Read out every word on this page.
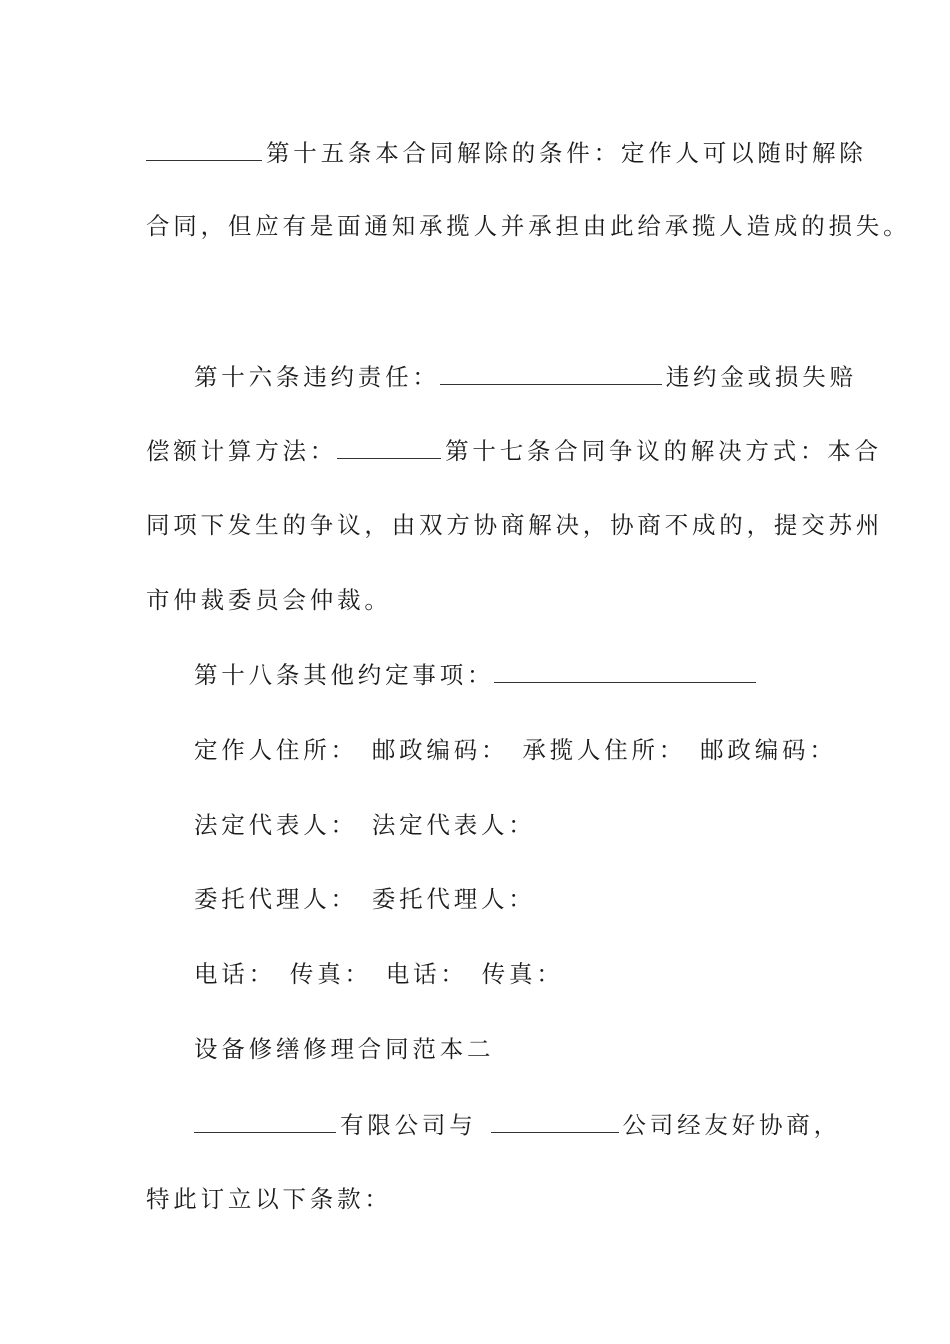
第十五条本合同解除的条件：定作人可以随时解除
合同，但应有是面通知承揽人并承担由此给承揽人造成的损失。
第十六条违约责任：	违约金或损失赔
偿额计算方法：	第十七条合同争议的解决方式：本合
同项下发生的争议，由双方协商解决，协商不成的，提交苏州
市仲裁委员会仲裁。
第十八条其他约定事项：
定作人住所： 邮政编码： 承揽人住所： 邮政编码：
法定代表人： 法定代表人：
委托代理人： 委托代理人：
电话： 传真： 电话： 传真：
设备修缮修理合同范本二
有限公司与	公司经友好协商，
特此订立以下条款：
